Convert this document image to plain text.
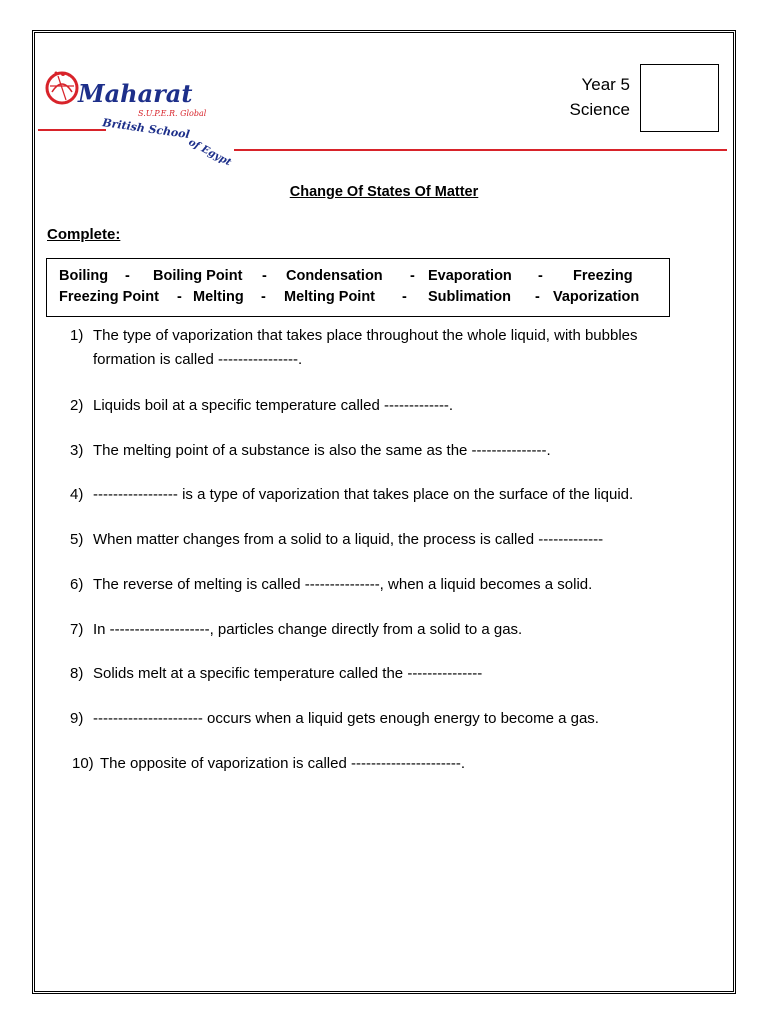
Maharat
S.U.P.E.R. Global
British School
of Egypt
Year 5
Science
Change Of States Of Matter
Complete:
Boiling - Boiling Point - Condensation - Evaporation - Freezing
Freezing Point - Melting - Melting Point - Sublimation - Vaporization
1) The type of vaporization that takes place throughout the whole liquid, with bubbles
formation is called ----------------.
2) Liquids boil at a specific temperature called -------------.
3) The melting point of a substance is also the same as the ---------------.
4) ----------------- is a type of vaporization that takes place on the surface of the liquid.
5) When matter changes from a solid to a liquid, the process is called -------------
6) The reverse of melting is called ---------------, when a liquid becomes a solid.
7) In --------------------, particles change directly from a solid to a gas.
8) Solids melt at a specific temperature called the ---------------
9) ---------------------- occurs when a liquid gets enough energy to become a gas.
10) The opposite of vaporization is called ----------------------.
